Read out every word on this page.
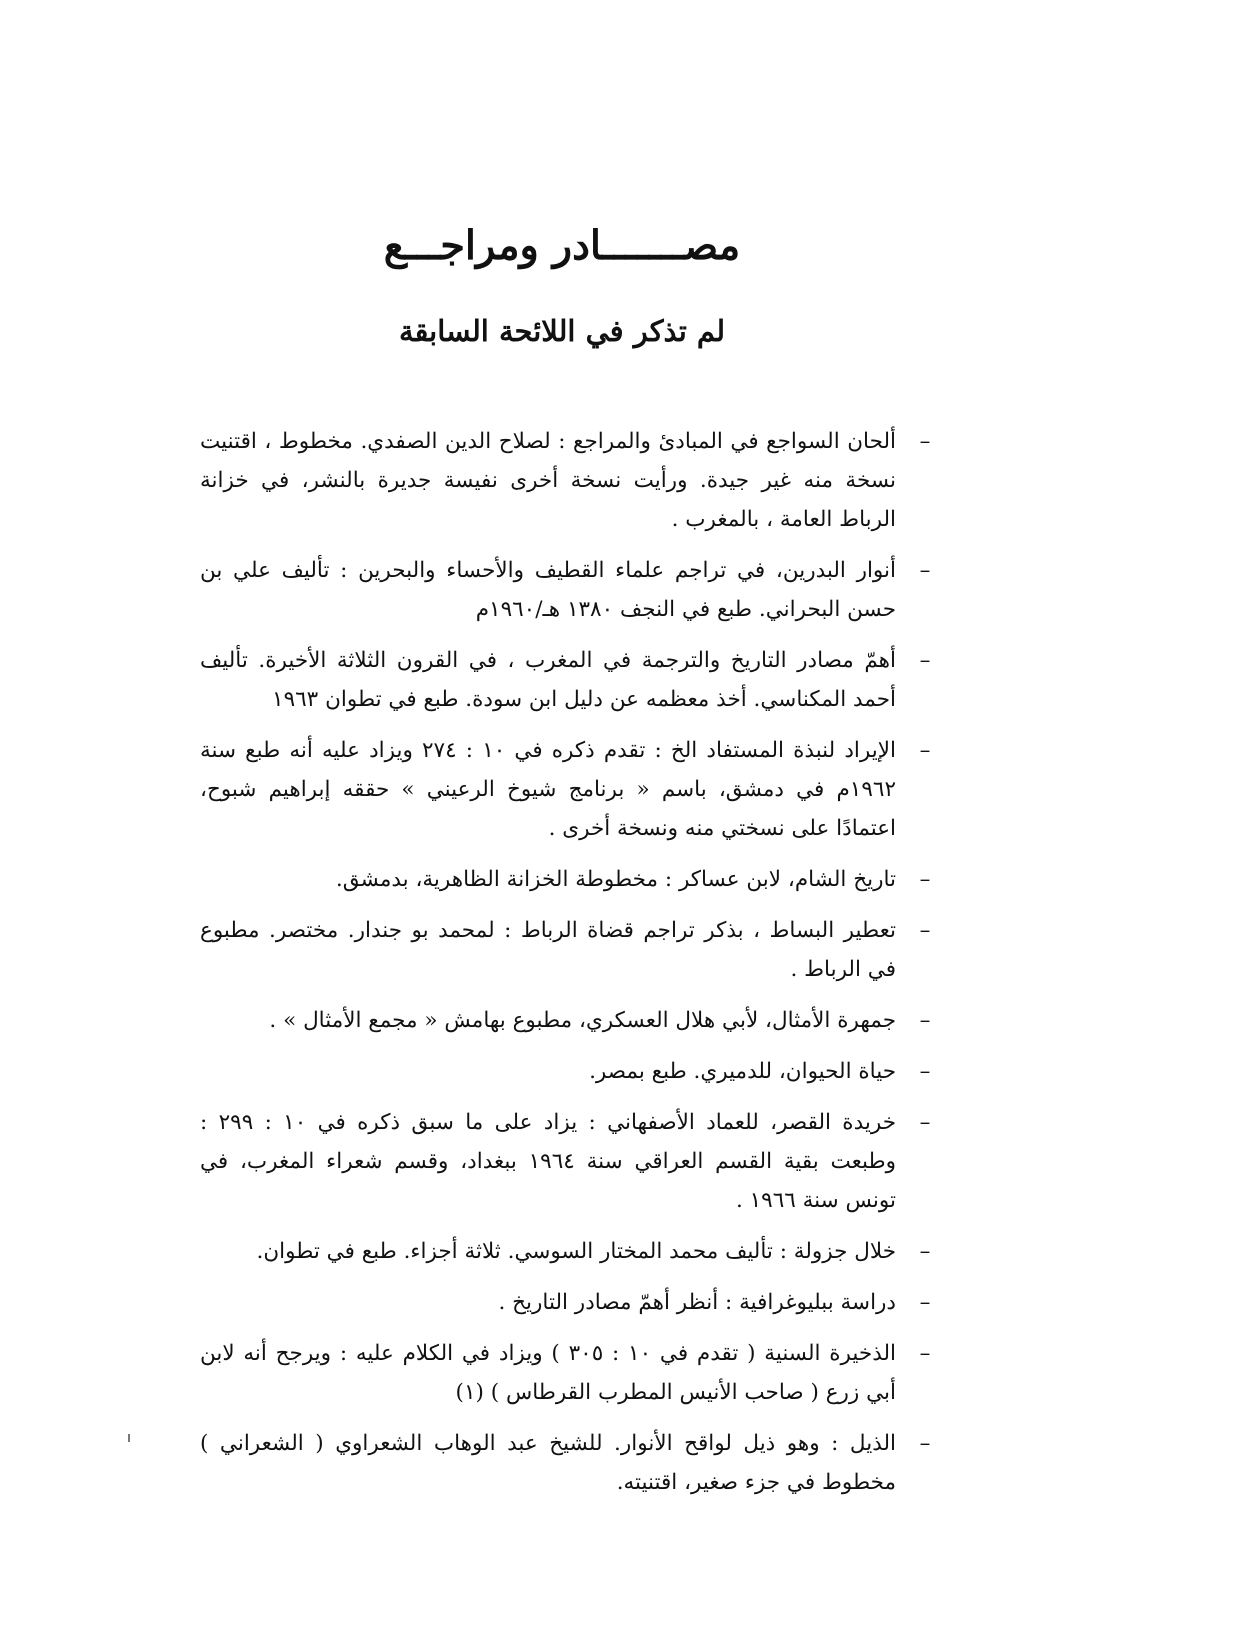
مصـــــــادر ومراجـــع
لم تذكر في اللائحة السابقة
–
ألحان السواجع في المبادئ والمراجع : لصلاح الدين الصفدي. مخطوط ، اقتنيت نسخة منه غير جيدة. ورأيت نسخة أخرى نفيسة جديرة بالنشر، في خزانة الرباط العامة ، بالمغرب .
–
أنوار البدرين، في تراجم علماء القطيف والأحساء والبحرين : تأليف علي بن حسن البحراني. طبع في النجف ١٣٨٠ هـ/١٩٦٠م
–
أهمّ مصادر التاريخ والترجمة في المغرب ، في القرون الثلاثة الأخيرة. تأليف أحمد المكناسي. أخذ معظمه عن دليل ابن سودة. طبع في تطوان ١٩٦٣
–
الإيراد لنبذة المستفاد الخ : تقدم ذكره في ١٠ : ٢٧٤ ويزاد عليه أنه طبع سنة ١٩٦٢م في دمشق، باسم « برنامج شيوخ الرعيني » حققه إبراهيم شبوح، اعتمادًا على نسختي منه ونسخة أخرى .
–
تاريخ الشام، لابن عساكر : مخطوطة الخزانة الظاهرية، بدمشق.
–
تعطير البساط ، بذكر تراجم قضاة الرباط : لمحمد بو جندار. مختصر. مطبوع في الرباط .
–
جمهرة الأمثال، لأبي هلال العسكري، مطبوع بهامش « مجمع الأمثال » .
–
حياة الحيوان، للدميري. طبع بمصر.
–
خريدة القصر، للعماد الأصفهاني : يزاد على ما سبق ذكره في ١٠ : ٢٩٩ : وطبعت بقية القسم العراقي سنة ١٩٦٤ ببغداد، وقسم شعراء المغرب، في تونس سنة ١٩٦٦ .
–
خلال جزولة : تأليف محمد المختار السوسي. ثلاثة أجزاء. طبع في تطوان.
–
دراسة ببليوغرافية : أنظر أهمّ مصادر التاريخ .
–
الذخيرة السنية ( تقدم في ١٠ : ٣٠٥ ) ويزاد في الكلام عليه : ويرجح أنه لابن أبي زرع ( صاحب الأنيس المطرب القرطاس ) (١)
–
الذيل : وهو ذيل لواقح الأنوار. للشيخ عبد الوهاب الشعراوي ( الشعراني ) مخطوط في جزء صغير، اقتنيته.
